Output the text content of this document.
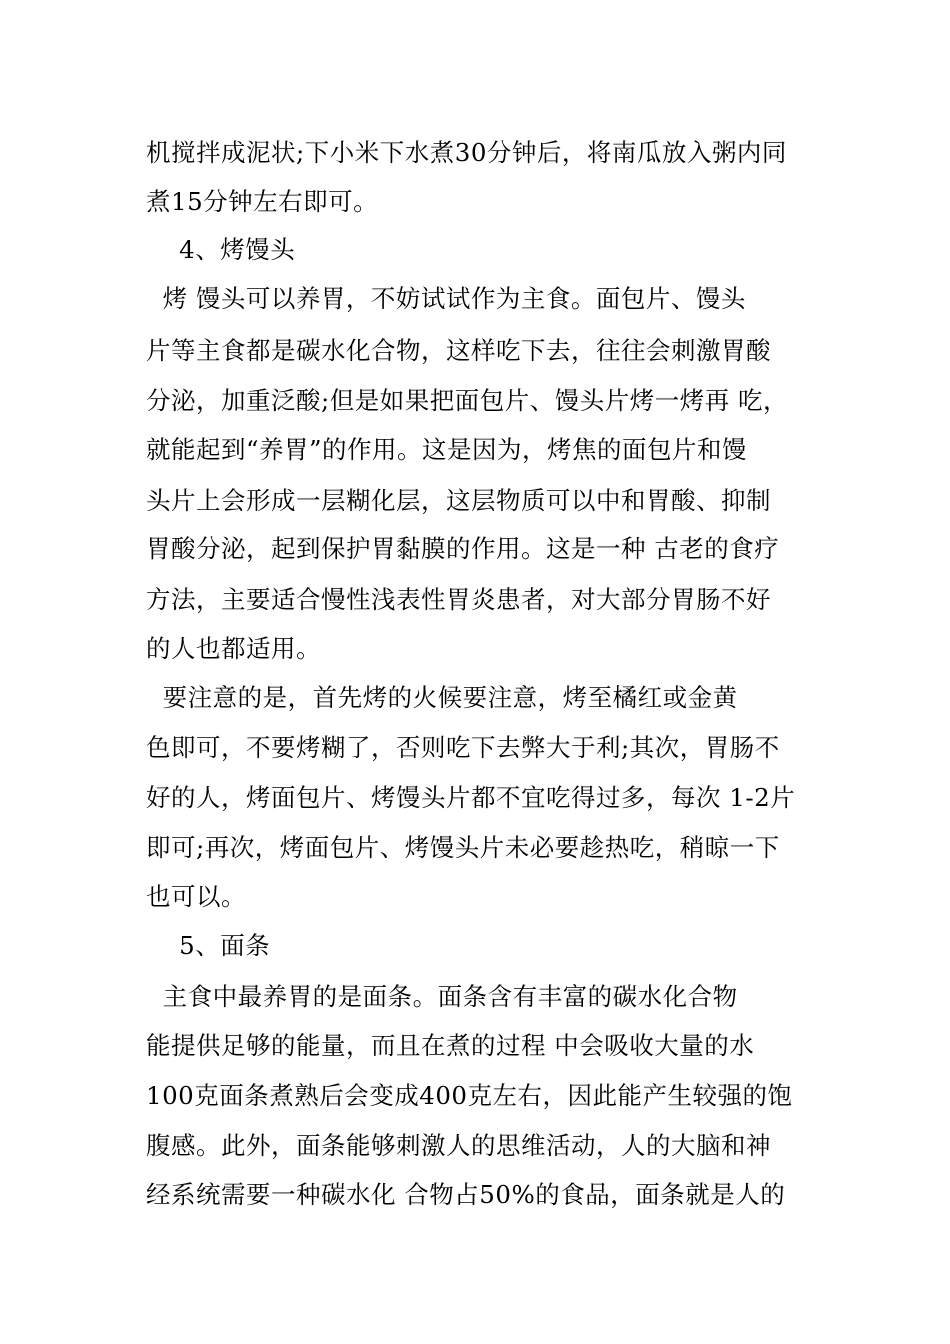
机搅拌成泥状;下小米下水煮30分钟后，将南瓜放入粥内同
煮15分钟左右即可。
4、烤馒头
烤 馒头可以养胃，不妨试试作为主食。面包片、馒头
片等主食都是碳水化合物，这样吃下去，往往会刺激胃酸
分泌，加重泛酸;但是如果把面包片、馒头片烤一烤再 吃，
就能起到“养胃”的作用。这是因为，烤焦的面包片和馒
头片上会形成一层糊化层，这层物质可以中和胃酸、抑制
胃酸分泌，起到保护胃黏膜的作用。这是一种 古老的食疗
方法，主要适合慢性浅表性胃炎患者，对大部分胃肠不好
的人也都适用。
要注意的是，首先烤的火候要注意，烤至橘红或金黄
色即可，不要烤糊了，否则吃下去弊大于利;其次，胃肠不
好的人，烤面包片、烤馒头片都不宜吃得过多，每次 1-2片
即可;再次，烤面包片、烤馒头片未必要趁热吃，稍晾一下
也可以。
5、面条
主食中最养胃的是面条。面条含有丰富的碳水化合物
能提供足够的能量，而且在煮的过程 中会吸收大量的水
100克面条煮熟后会变成400克左右，因此能产生较强的饱
腹感。此外，面条能够刺激人的思维活动，人的大脑和神
经系统需要一种碳水化 合物占50%的食品，面条就是人的
